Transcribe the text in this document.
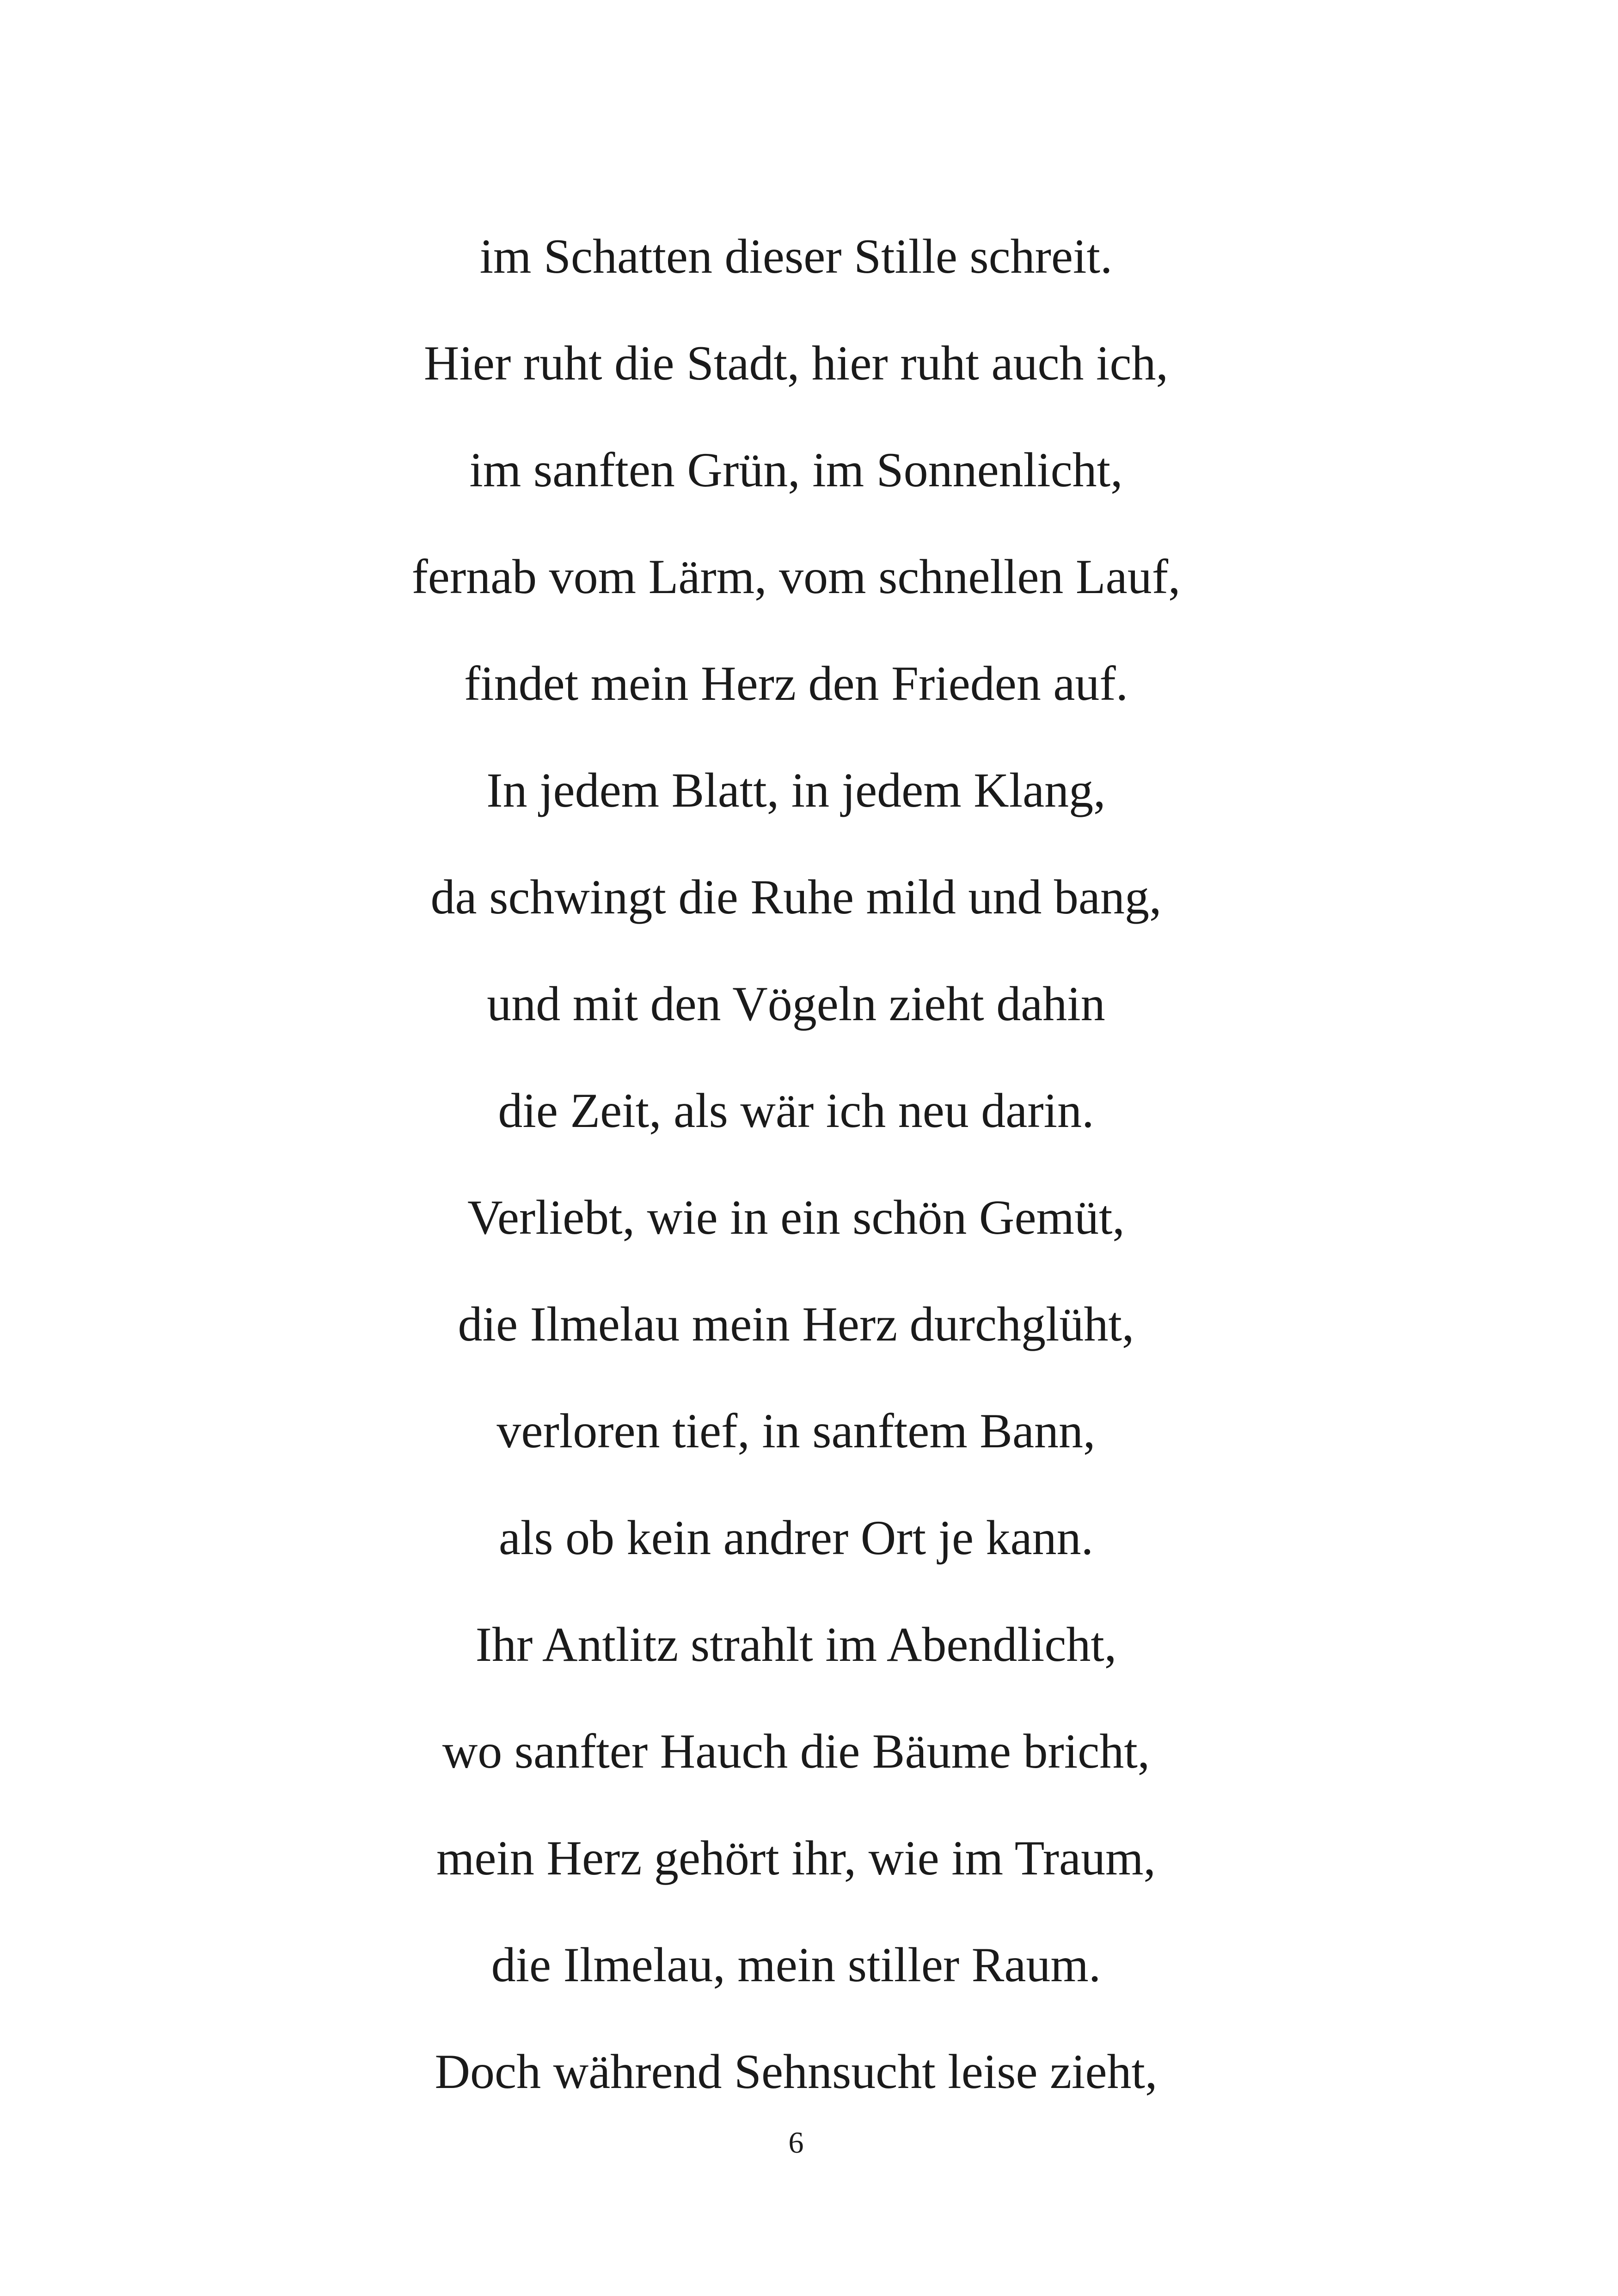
im Schatten dieser Stille schreit.
Hier ruht die Stadt, hier ruht auch ich,
im sanften Grün, im Sonnenlicht,
fernab vom Lärm, vom schnellen Lauf,
findet mein Herz den Frieden auf.
In jedem Blatt, in jedem Klang,
da schwingt die Ruhe mild und bang,
und mit den Vögeln zieht dahin
die Zeit, als wär ich neu darin.
Verliebt, wie in ein schön Gemüt,
die Ilmelau mein Herz durchglüht,
verloren tief, in sanftem Bann,
als ob kein andrer Ort je kann.
Ihr Antlitz strahlt im Abendlicht,
wo sanfter Hauch die Bäume bricht,
mein Herz gehört ihr, wie im Traum,
die Ilmelau, mein stiller Raum.
Doch während Sehnsucht leise zieht,
6
